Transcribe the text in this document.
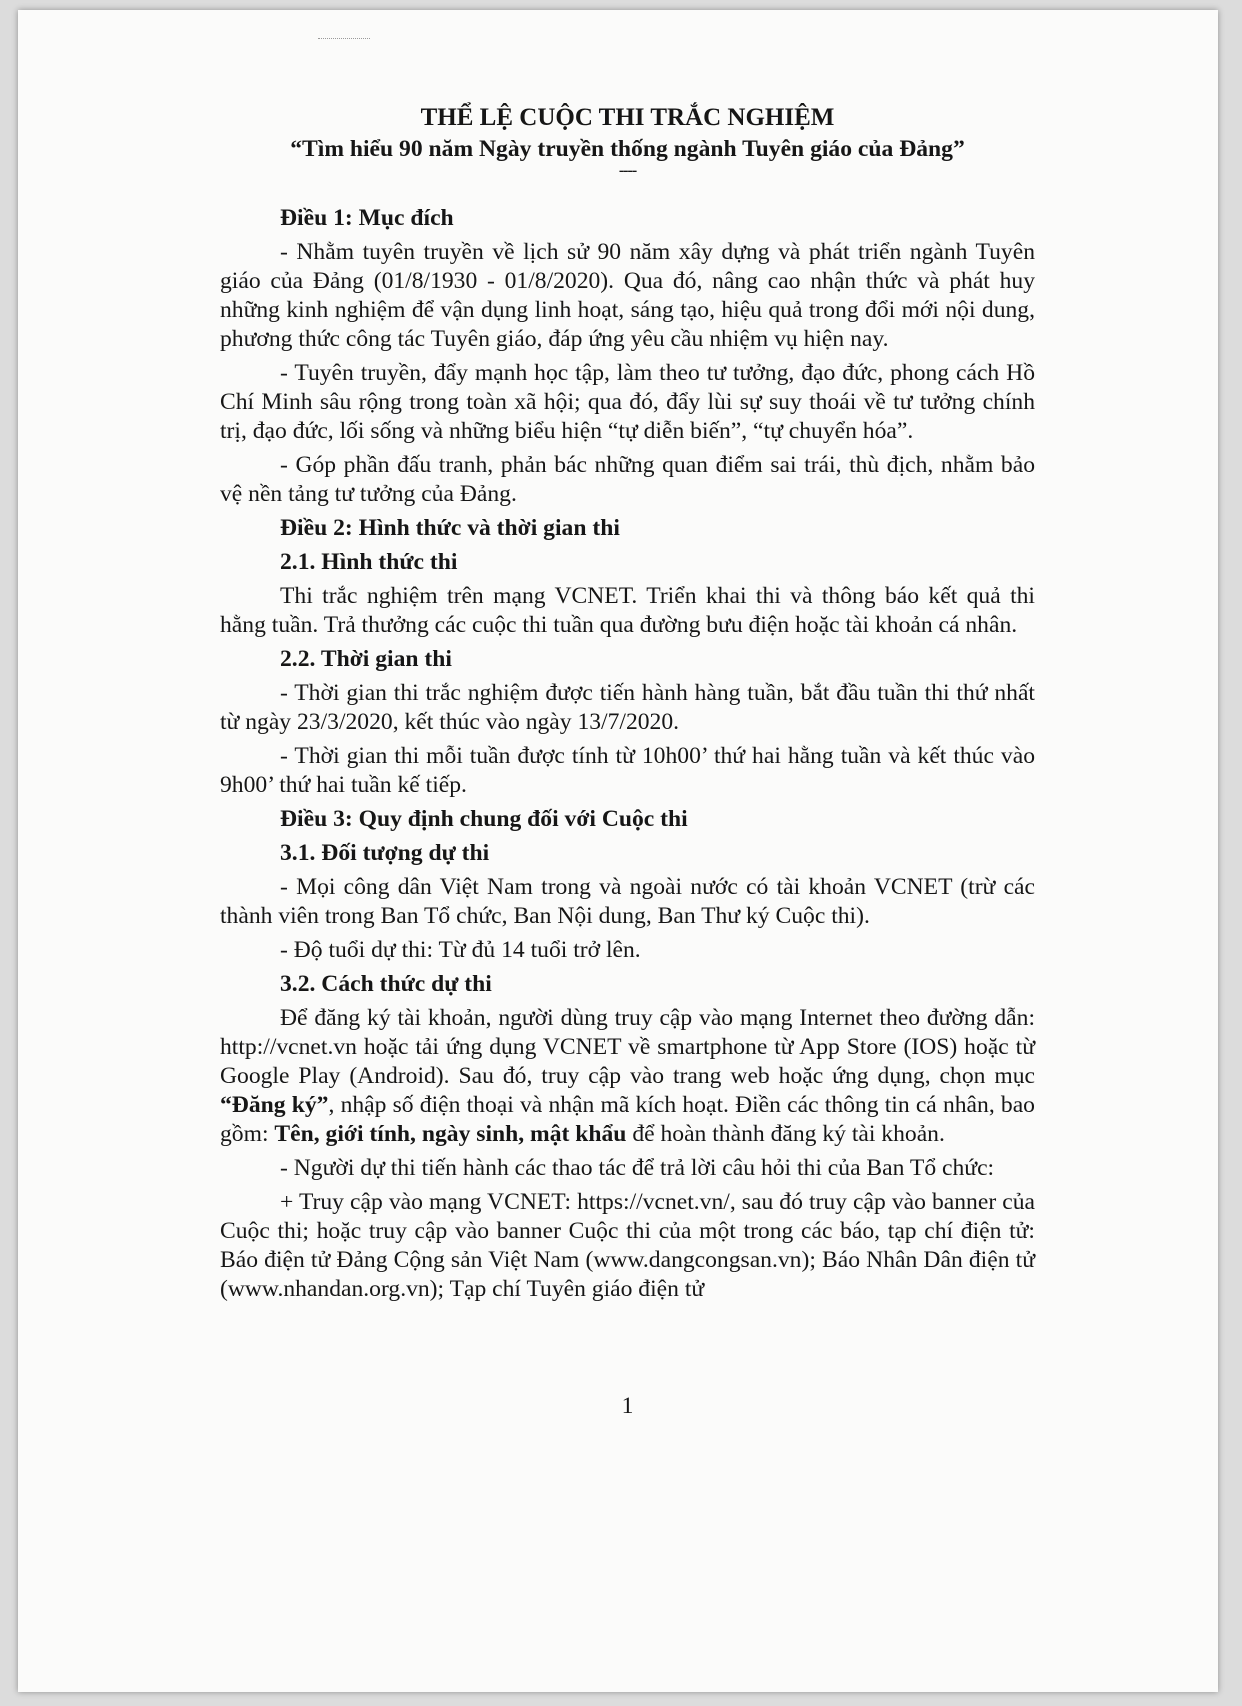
THỂ LỆ CUỘC THI TRẮC NGHIỆM

“Tìm hiểu 90 năm Ngày truyền thống ngành Tuyên giáo của Đảng”

----

Điều 1: Mục đích

- Nhằm tuyên truyền về lịch sử 90 năm xây dựng và phát triển ngành Tuyên giáo của Đảng (01/8/1930 - 01/8/2020). Qua đó, nâng cao nhận thức và phát huy những kinh nghiệm để vận dụng linh hoạt, sáng tạo, hiệu quả trong đổi mới nội dung, phương thức công tác Tuyên giáo, đáp ứng yêu cầu nhiệm vụ hiện nay.

- Tuyên truyền, đẩy mạnh học tập, làm theo tư tưởng, đạo đức, phong cách Hồ Chí Minh sâu rộng trong toàn xã hội; qua đó, đẩy lùi sự suy thoái về tư tưởng chính trị, đạo đức, lối sống và những biểu hiện “tự diễn biến”, “tự chuyển hóa”.

- Góp phần đấu tranh, phản bác những quan điểm sai trái, thù địch, nhằm bảo vệ nền tảng tư tưởng của Đảng.

Điều 2: Hình thức và thời gian thi

2.1. Hình thức thi

Thi trắc nghiệm trên mạng VCNET. Triển khai thi và thông báo kết quả thi hằng tuần. Trả thưởng các cuộc thi tuần qua đường bưu điện hoặc tài khoản cá nhân.

2.2. Thời gian thi

- Thời gian thi trắc nghiệm được tiến hành hàng tuần, bắt đầu tuần thi thứ nhất từ ngày 23/3/2020, kết thúc vào ngày 13/7/2020.

- Thời gian thi mỗi tuần được tính từ 10h00’ thứ hai hằng tuần và kết thúc vào 9h00’ thứ hai tuần kế tiếp.

Điều 3: Quy định chung đối với Cuộc thi

3.1. Đối tượng dự thi

- Mọi công dân Việt Nam trong và ngoài nước có tài khoản VCNET (trừ các thành viên trong Ban Tổ chức, Ban Nội dung, Ban Thư ký Cuộc thi).

- Độ tuổi dự thi: Từ đủ 14 tuổi trở lên.

3.2. Cách thức dự thi

Để đăng ký tài khoản, người dùng truy cập vào mạng Internet theo đường dẫn: http://vcnet.vn hoặc tải ứng dụng VCNET về smartphone từ App Store (IOS) hoặc từ Google Play (Android). Sau đó, truy cập vào trang web hoặc ứng dụng, chọn mục “Đăng ký”, nhập số điện thoại và nhận mã kích hoạt. Điền các thông tin cá nhân, bao gồm: Tên, giới tính, ngày sinh, mật khẩu để hoàn thành đăng ký tài khoản.

- Người dự thi tiến hành các thao tác để trả lời câu hỏi thi của Ban Tổ chức:

+ Truy cập vào mạng VCNET: https://vcnet.vn/, sau đó truy cập vào banner của Cuộc thi; hoặc truy cập vào banner Cuộc thi của một trong các báo, tạp chí điện tử: Báo điện tử Đảng Cộng sản Việt Nam (www.dangcongsan.vn); Báo Nhân Dân điện tử (www.nhandan.org.vn); Tạp chí Tuyên giáo điện tử

1
